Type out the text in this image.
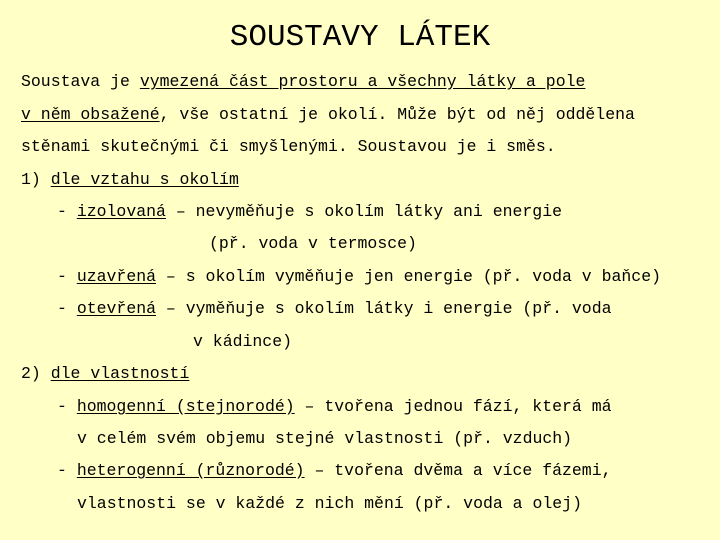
SOUSTAVY LÁTEK
Soustava je vymezená část prostoru a všechny látky a pole
v něm obsažené, vše ostatní je okolí. Může být od něj oddělena
stěnami skutečnými či smyšlenými. Soustavou je i směs.
1) dle vztahu s okolím
- izolovaná – nevyměňuje s okolím látky ani energie
(př. voda v termosce)
- uzavřená – s okolím vyměňuje jen energie (př. voda v baňce)
- otevřená – vyměňuje s okolím látky i energie (př. voda
v kádince)
2) dle vlastností
- homogenní (stejnorodé) – tvořena jednou fází, která má
v celém svém objemu stejné vlastnosti (př. vzduch)
- heterogenní (různorodé) – tvořena dvěma a více fázemi,
vlastnosti se v každé z nich mění (př. voda a olej)
